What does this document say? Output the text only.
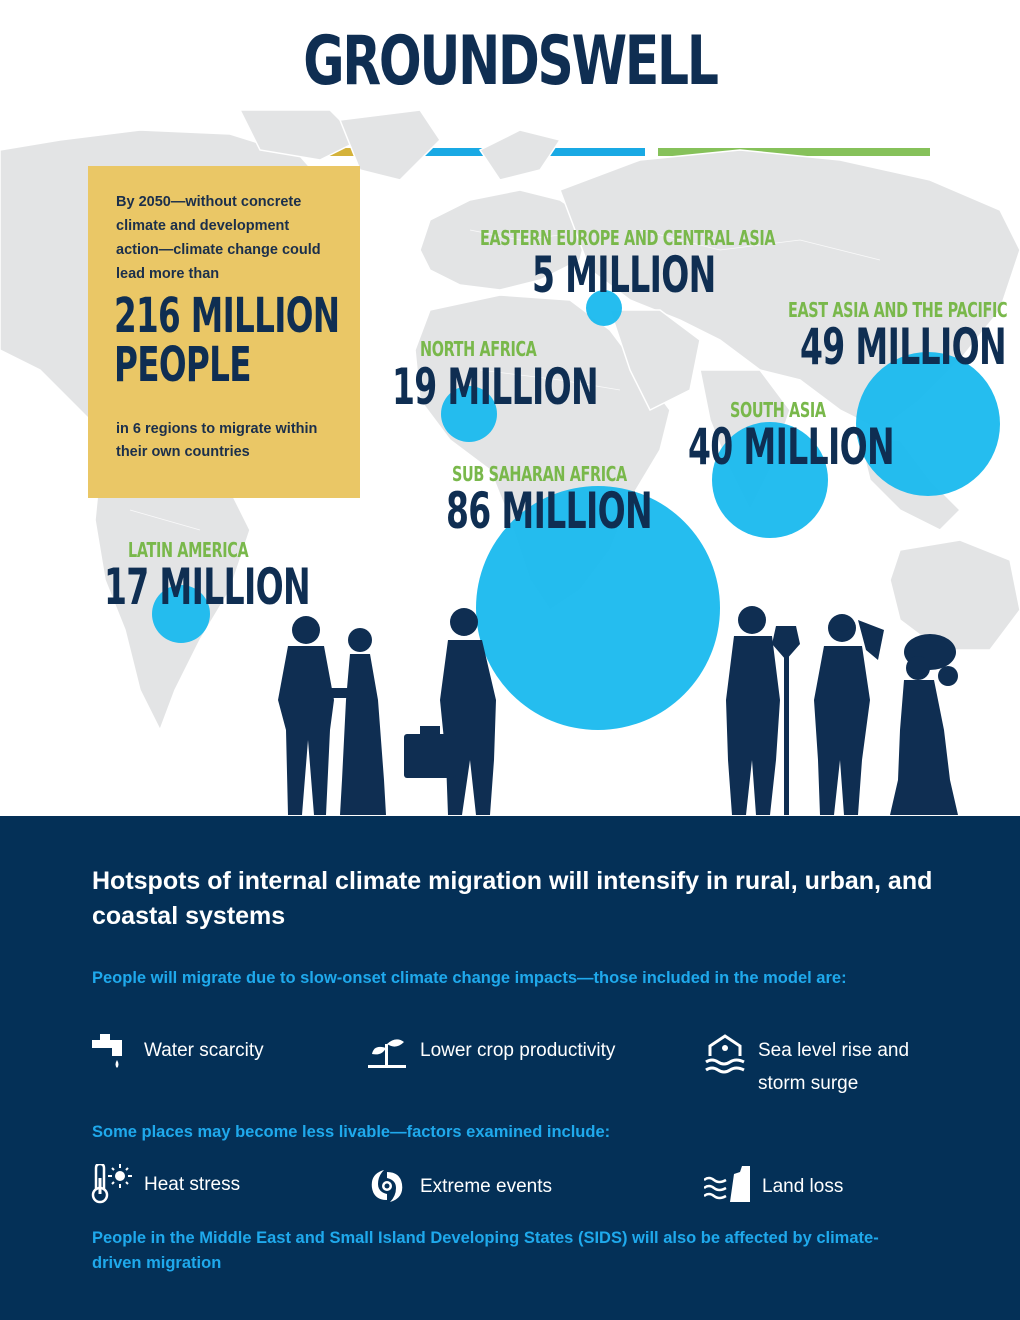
GROUNDSWELL
By 2050—without concrete climate and development action—climate change could lead more than
216 MILLION
PEOPLE
in 6 regions to migrate within their own countries
EASTERN EUROPE AND CENTRAL ASIA
5 MILLION
EAST ASIA AND THE PACIFIC
49 MILLION
NORTH AFRICA
19 MILLION	SOUTH ASIA
40 MILLION
SUB SAHARAN AFRICA
86 MILLION
LATIN AMERICA
17 MILLION
Hotspots of internal climate migration will intensify in rural, urban, and coastal systems
People will migrate due to slow-onset climate change impacts—those included in the model are:
Water scarcity	Lower crop productivity	Sea level rise and storm surge
Some places may become less livable—factors examined include:
Heat stress	Extreme events	Land loss
People in the Middle East and Small Island Developing States (SIDS) will also be affected by climate-driven migration
